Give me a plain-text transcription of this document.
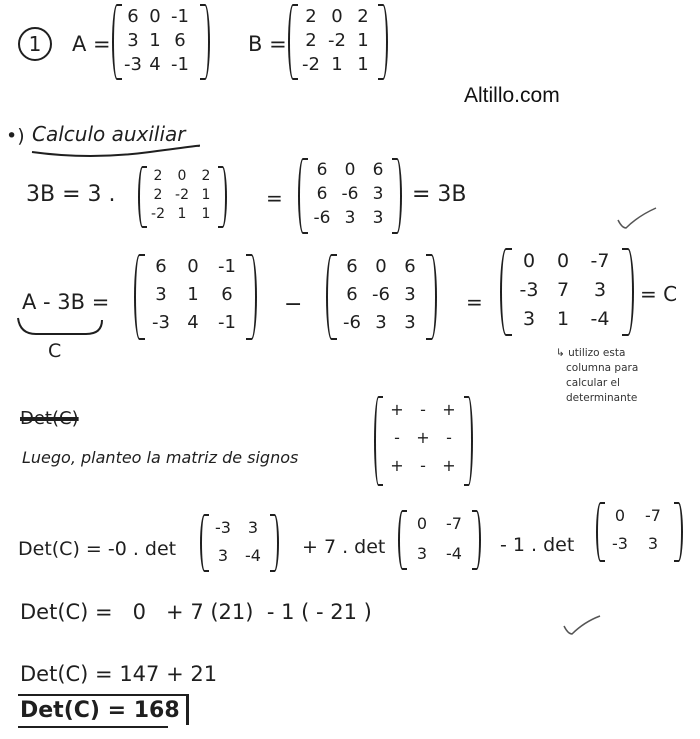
1	A =
6 0 -1
3 1 6
-3 4 -1
B =
2 0 2
2 -2 1
-2 1 1
Altillo.com
•) Calculo auxiliar
3B = 3 .
2 0 2
2 -2 1
-2 1 1
=
6 0 6
6 -6 3
-6 3 3
= 3B
A - 3B =
C
6 0 -1
3 1 6
-3 4 -1
−
6 0 6
6 -6 3
-6 3 3
=
0 0 -7
-3 7 3
3 1 -4
= C
↳ utilizo esta
columna para
calcular el
determinante
Det(C)
Luego, planteo la matriz de signos
+ - +
- + -
+ - +
Det(C) = -0 . det
-3 3
3 -4	+ 7 . det
0 -7
3 -4	- 1 . det
0 -7
-3 3
Det(C) =   0   + 7 (21)  - 1 ( - 21 )
Det(C) = 147 + 21
Det(C) = 168
